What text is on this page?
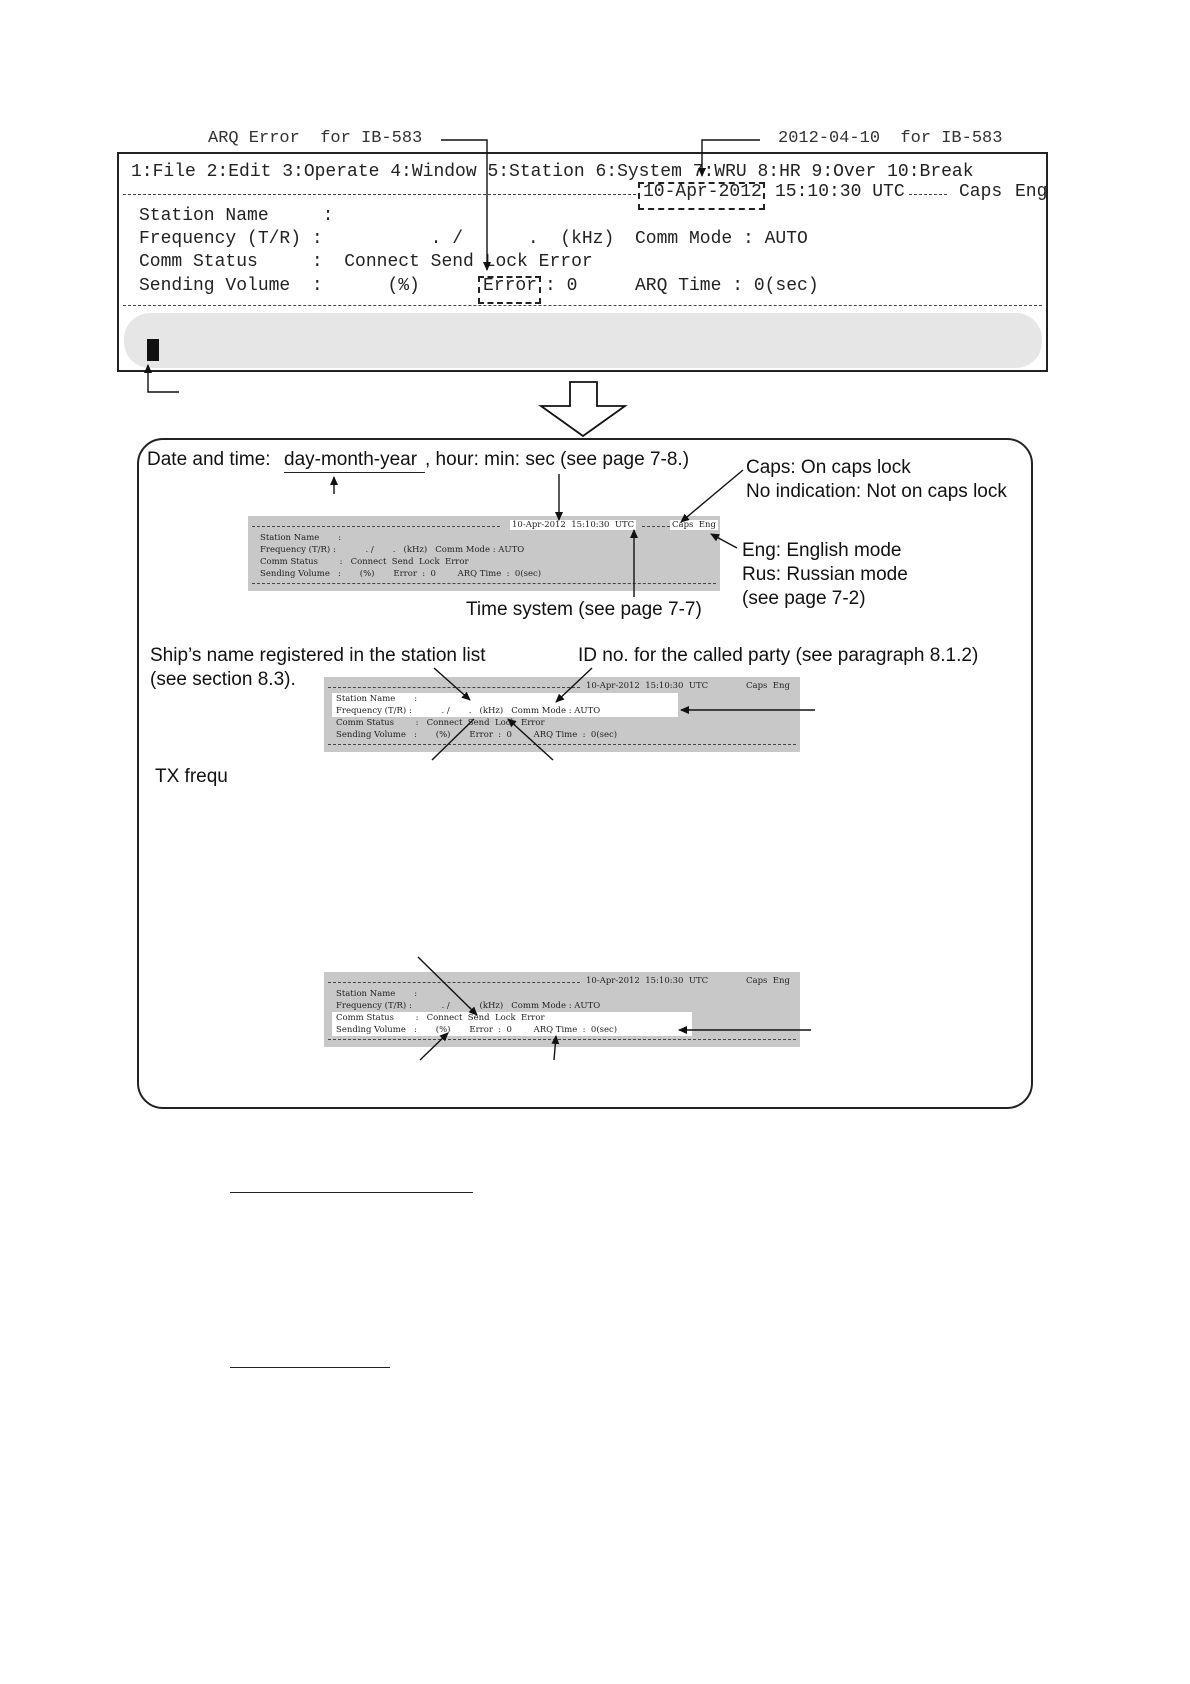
ARQ Error  for IB-583	2012-04-10  for IB-583
1:File 2:Edit 3:Operate 4:Window 5:Station 6:System 7:WRU 8:HR 9:Over 10:Break
10-Apr-2012 15:10:30 UTC	Caps Eng
Station Name     :
Frequency (T/R) :          . /      .  (kHz) Comm Mode : AUTO
Comm Status     :  Connect Send Lock Error
Sending Volume  :      (%)	Error : 0	ARQ Time : 0(sec)
Date and time: day-month-year , hour: min: sec (see page 7-8.)	Caps: On caps lock
No indication: Not on caps lock
Eng: English mode
Rus: Russian mode
(see page 7-2)
Time system (see page 7-7)
Ship’s name registered in the station list
(see section 8.3).
ID no. for the called party (see paragraph 8.1.2)
TX frequ
10-Apr-2012  15:10:30  UTC	Caps  Eng
Station Name       :
Frequency (T/R) :           . /       .   (kHz)   Comm Mode : AUTO
Comm Status        :   Connect  Send  Lock  Error
Sending Volume   :       (%)       Error  :  0        ARQ Time  :  0(sec)
10-Apr-2012  15:10:30  UTC	Caps  Eng
Station Name       :
Frequency (T/R) :           . /       .   (kHz)   Comm Mode : AUTO
Comm Status        :   Connect  Send  Lock  Error
Sending Volume   :       (%)       Error  :  0        ARQ Time  :  0(sec)
10-Apr-2012  15:10:30  UTC	Caps  Eng
Station Name       :
Frequency (T/R) :           . /       .   (kHz)   Comm Mode : AUTO
Comm Status        :   Connect  Send  Lock  Error
Sending Volume   :       (%)       Error  :  0        ARQ Time  :  0(sec)
